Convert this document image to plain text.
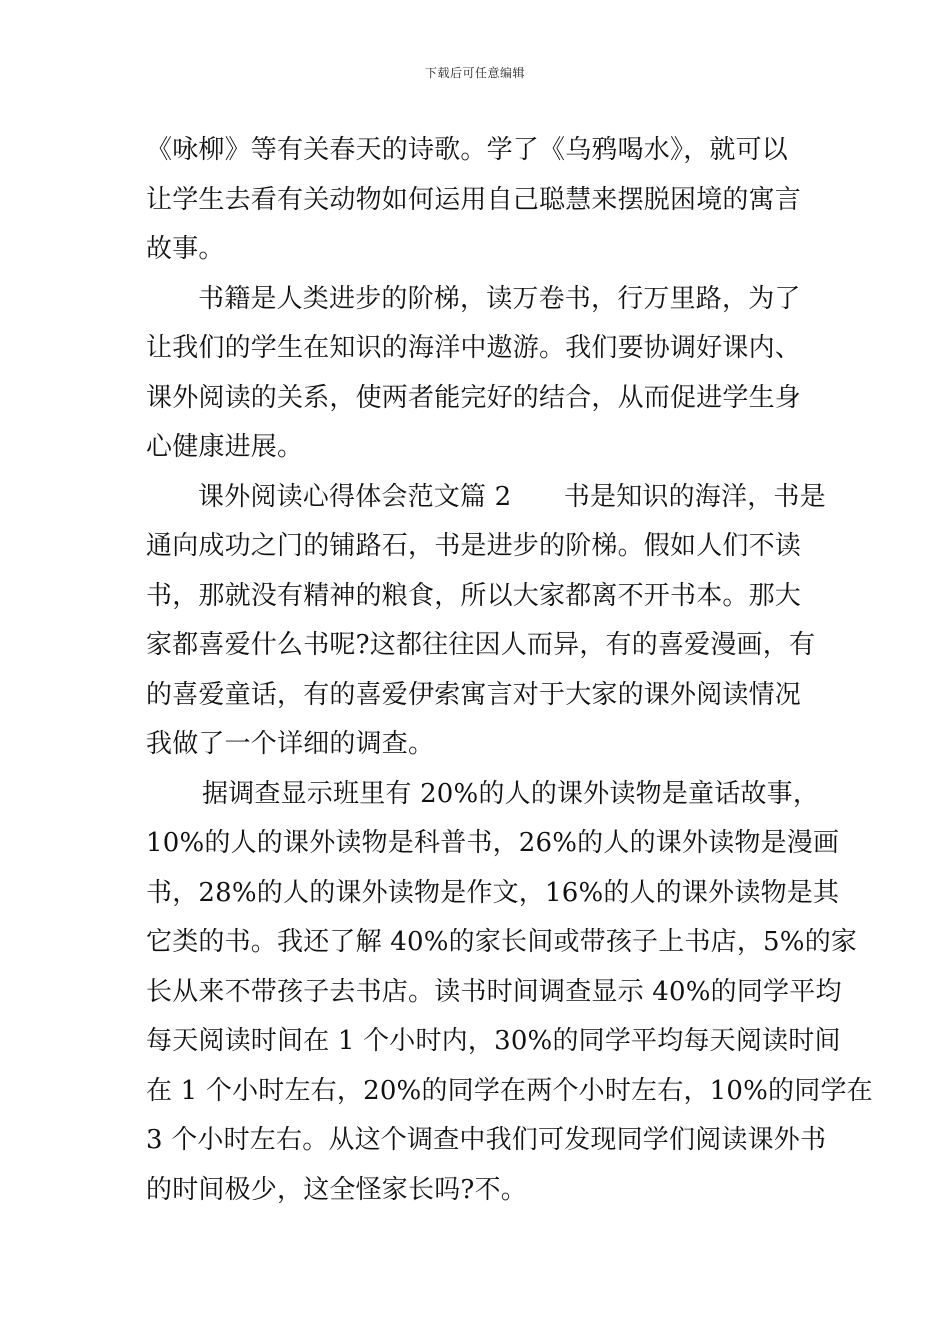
下载后可任意编辑
《咏柳》等有关春天的诗歌。学了《乌鸦喝水》，就可以
让学生去看有关动物如何运用自己聪慧来摆脱困境的寓言
故事。
书籍是人类进步的阶梯，读万卷书，行万里路，为了
让我们的学生在知识的海洋中遨游。我们要协调好课内、
课外阅读的关系，使两者能完好的结合，从而促进学生身
心健康进展。
课外阅读心得体会范文篇 2　　书是知识的海洋，书是
通向成功之门的铺路石，书是进步的阶梯。假如人们不读
书，那就没有精神的粮食，所以大家都离不开书本。那大
家都喜爱什么书呢?这都往往因人而异，有的喜爱漫画，有
的喜爱童话，有的喜爱伊索寓言对于大家的课外阅读情况
我做了一个详细的调查。
据调查显示班里有 20%的人的课外读物是童话故事，
10%的人的课外读物是科普书，26%的人的课外读物是漫画
书，28%的人的课外读物是作文，16%的人的课外读物是其
它类的书。我还了解 40%的家长间或带孩子上书店，5%的家
长从来不带孩子去书店。读书时间调查显示 40%的同学平均
每天阅读时间在 1 个小时内，30%的同学平均每天阅读时间
在 1 个小时左右，20%的同学在两个小时左右，10%的同学在
3 个小时左右。从这个调查中我们可发现同学们阅读课外书
的时间极少，这全怪家长吗?不。
